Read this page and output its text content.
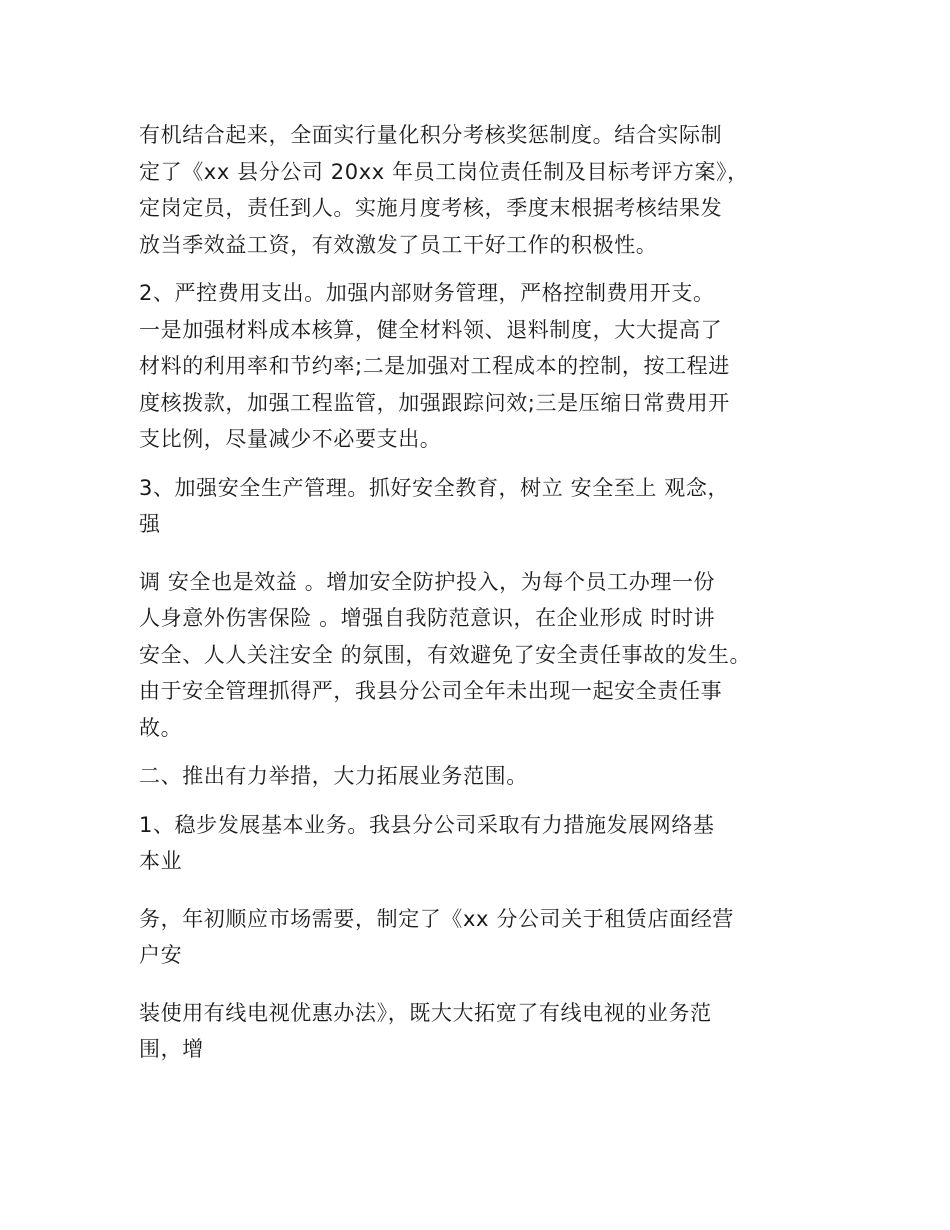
有机结合起来，全面实行量化积分考核奖惩制度。结合实际制
定了《xx 县分公司 20xx 年员工岗位责任制及目标考评方案》，
定岗定员，责任到人。实施月度考核，季度末根据考核结果发
放当季效益工资，有效激发了员工干好工作的积极性。

2、严控费用支出。加强内部财务管理，严格控制费用开支。
一是加强材料成本核算，健全材料领、退料制度，大大提高了
材料的利用率和节约率;二是加强对工程成本的控制，按工程进
度核拨款，加强工程监管，加强跟踪问效;三是压缩日常费用开
支比例，尽量减少不必要支出。

3、加强安全生产管理。抓好安全教育，树立 安全至上 观念，
强

调 安全也是效益 。增加安全防护投入，为每个员工办理一份
人身意外伤害保险 。增强自我防范意识，在企业形成 时时讲
安全、人人关注安全 的氛围，有效避免了安全责任事故的发生。
由于安全管理抓得严，我县分公司全年未出现一起安全责任事
故。

二、推出有力举措，大力拓展业务范围。

1、稳步发展基本业务。我县分公司采取有力措施发展网络基
本业

务，年初顺应市场需要，制定了《xx 分公司关于租赁店面经营
户安

装使用有线电视优惠办法》，既大大拓宽了有线电视的业务范
围，增
